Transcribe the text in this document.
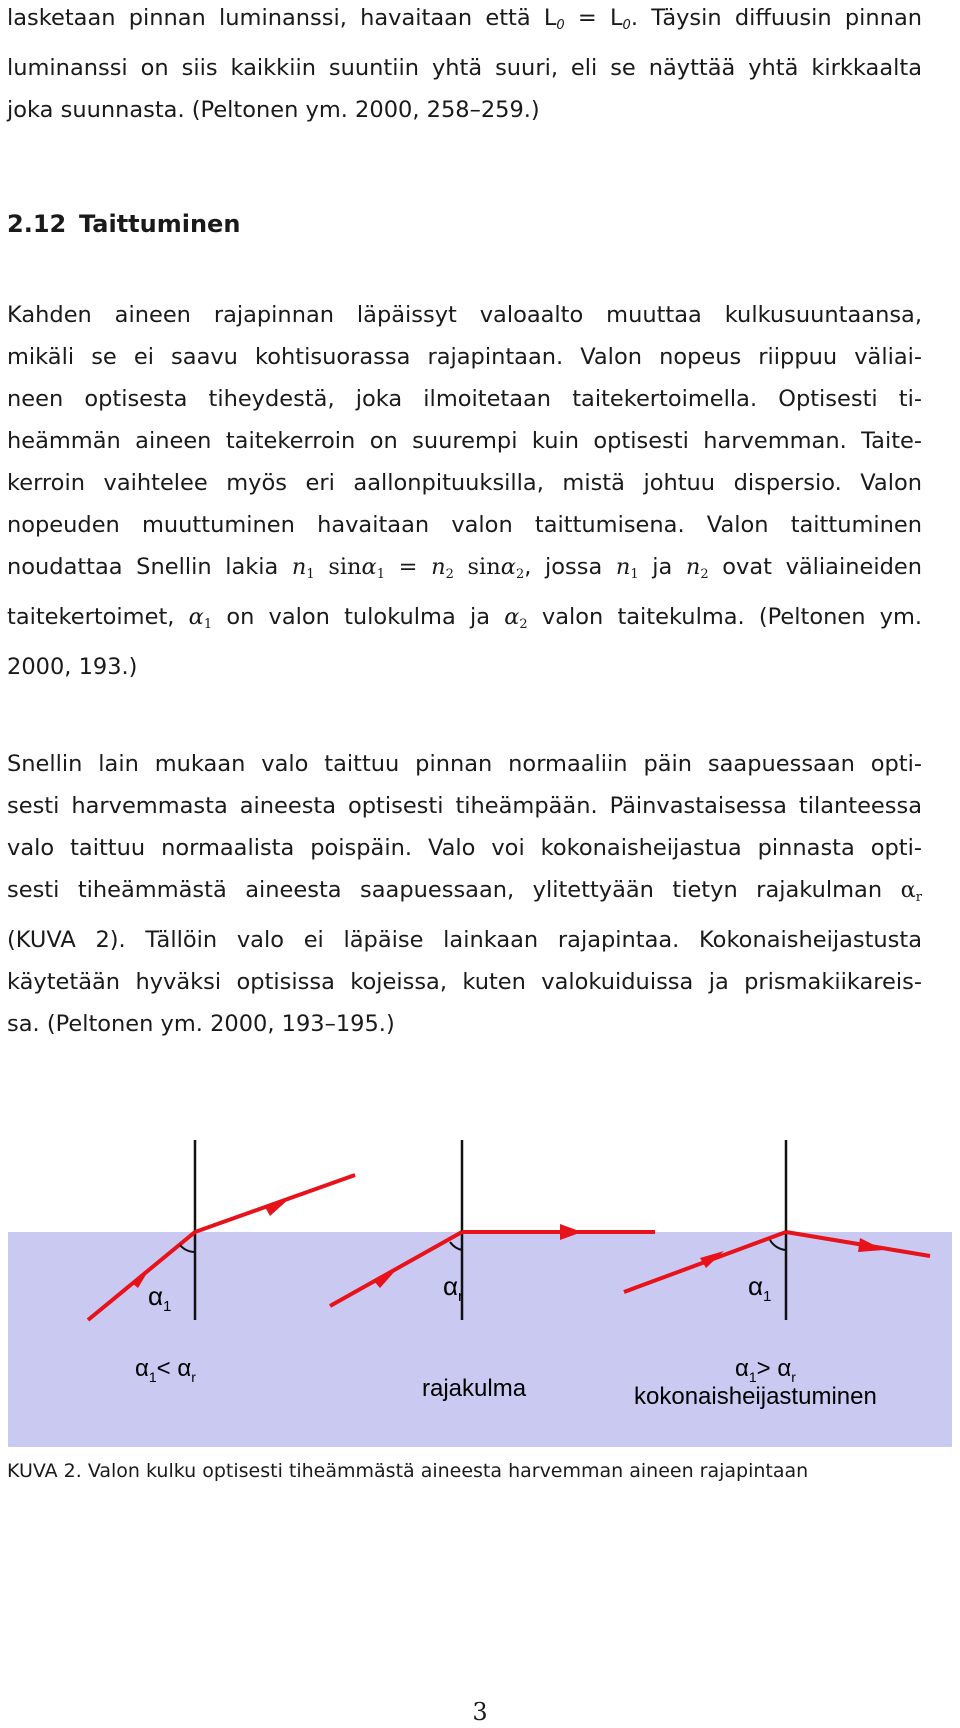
lasketaan pinnan luminanssi, havaitaan että $L_0 = L_0$. Täysin diffuusin pinnan
luminanssi on siis kaikkiin suuntiin yhtä suuri, eli se näyttää yhtä kirkkaalta
joka suunnasta. (Peltonen ym. 2000, 258–259.)
2.12 Taittuminen
Kahden aineen rajapinnan läpäissyt valoaalto muuttaa kulkusuuntaansa,
mikäli se ei saavu kohtisuorassa rajapintaan. Valon nopeus riippuu väliai-
neen optisesta tiheydestä, joka ilmoitetaan taitekertoimella. Optisesti ti-
heämmän aineen taitekerroin on suurempi kuin optisesti harvemman. Taite-
kerroin vaihtelee myös eri aallonpituuksilla, mistä johtuu dispersio. Valon
nopeuden muuttuminen havaitaan valon taittumisena. Valon taittuminen
noudattaa Snellin lakia $n_1$ $\sin\alpha_1 = n_2$ sinα$_2$, jossa $n_1$ ja $n_2$ ovat väliaineiden
taitekertoimet, $\alpha_1$ on valon tulokulma ja $\alpha_2$ valon taitekulma. (Peltonen ym.
2000, 193.)
Snellin lain mukaan valo taittuu pinnan normaaliin päin saapuessaan opti-
sesti harvemmasta aineesta optisesti tiheämpään. Päinvastaisessa tilanteessa
valo taittuu normaalista poispäin. Valo voi kokonaisheijastua pinnasta opti-
sesti tiheämmästä aineesta saapuessaan, ylitettyään tietyn rajakulman $\alpha_r$
(KUVA 2). Tällöin valo ei läpäise lainkaan rajapintaa. Kokonaisheijastusta
käytetään hyväksi optisissa kojeissa, kuten valokuiduissa ja prismakiikareis-
sa. (Peltonen ym. 2000, 193–195.)
$\alpha_1$
$\alpha_1< \alpha_r$
$\alpha_r$
rajakulma
$\alpha_1$
$\alpha_1> \alpha_r$
kokonaisheijastuminen

KUVA 2. Valon kulku optisesti tiheämmästä aineesta harvemman aineen rajapintaan

3
